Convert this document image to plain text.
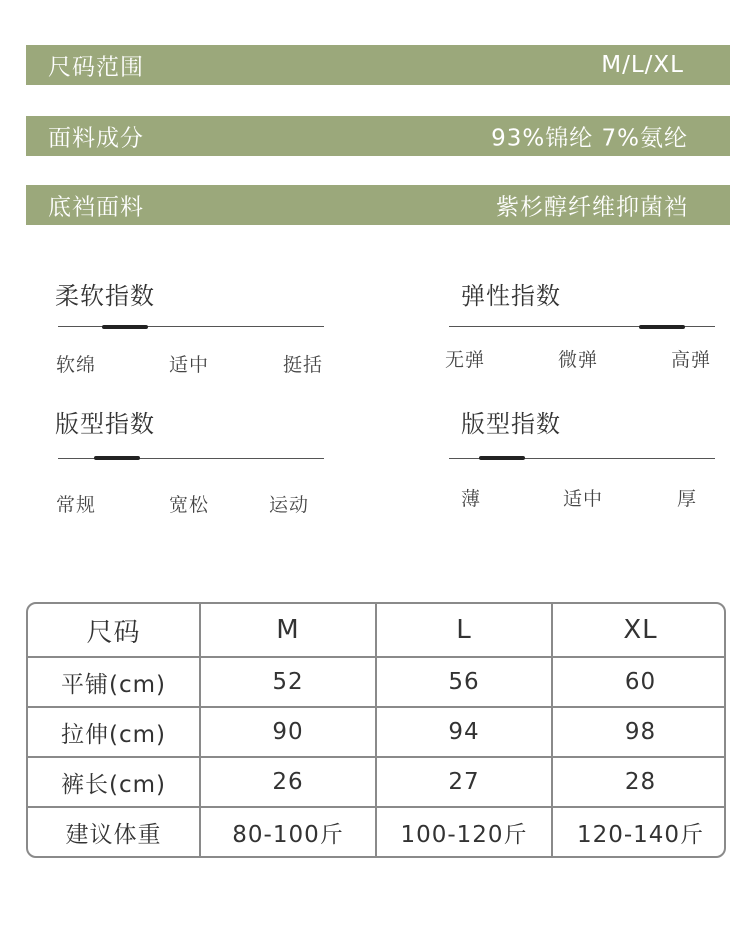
尺码范围	M/L/XL
面料成分	93%锦纶 7%氨纶
底裆面料	紫杉醇纤维抑菌裆
柔软指数
软绵	适中	挺括
弹性指数
无弹	微弹	高弹
版型指数
常规	宽松	运动
版型指数
薄	适中	厚
尺码	M	L	XL
平铺(cm)	52	56	60
拉伸(cm)	90	94	98
裤长(cm)	26	27	28
建议体重	80-100斤	100-120斤	120-140斤
